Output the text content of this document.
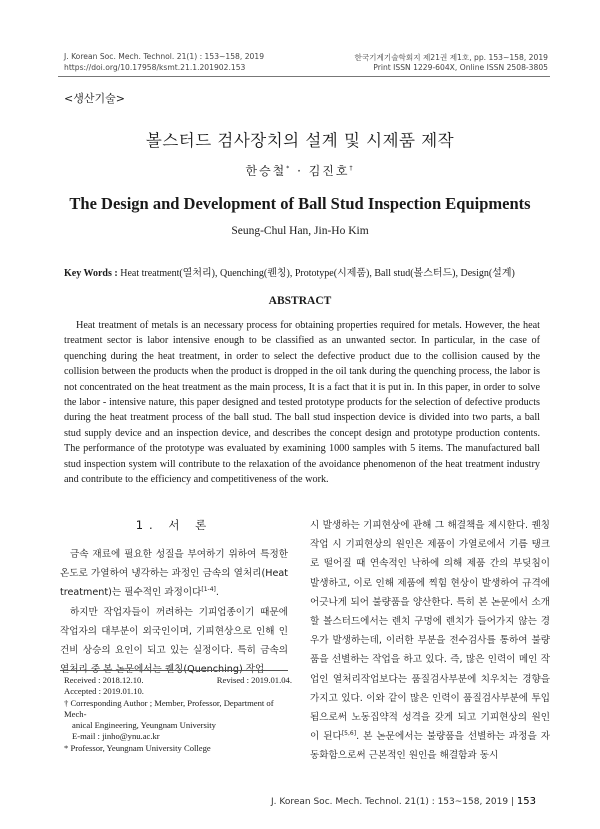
J. Korean Soc. Mech. Technol. 21(1) : 153~158, 2019
https://doi.org/10.17958/ksmt.21.1.201902.153
한국기계기술학회지 제21권 제1호, pp. 153~158, 2019
Print ISSN 1229-604X, Online ISSN 2508-3805
<생산기술>
볼스터드 검사장치의 설계 및 시제품 제작
한승철* · 김진호†
The Design and Development of Ball Stud Inspection Equipments
Seung-Chul Han, Jin-Ho Kim
Key Words : Heat treatment(열처리), Quenching(퀜칭), Prototype(시제품), Ball stud(볼스터드), Design(설계)
ABSTRACT

Heat treatment of metals is an necessary process for obtaining properties required for metals. However, the heat treatment sector is labor intensive enough to be classified as an unwanted sector. In particular, in the case of quenching during the heat treatment, in order to select the defective product due to the collision caused by the collision between the products when the product is dropped in the oil tank during the quenching process, the labor is not concentrated on the heat treatment as the main process, It is a fact that it is put in. In this paper, in order to solve the labor - intensive nature, this paper designed and tested prototype products for the selection of defective products during the heat treatment process of the ball stud. The ball stud inspection device is divided into two parts, a ball stud supply device and an inspection device, and describes the concept design and prototype production contents. The performance of the prototype was evaluated by examining 1000 samples with 5 items. The manufactured ball stud inspection system will contribute to the relaxation of the avoidance phenomenon of the heat treatment industry and contribute to the efficiency and competitiveness of the work.

1. 서 론

금속 재료에 필요한 성질을 부여하기 위하여 특정한 온도로 가열하여 냉각하는 과정인 금속의 열처리(Heat treatment)는 필수적인 과정이다[1-4].

하지만 작업자들이 꺼려하는 기피업종이기 때문에 작업자의 대부분이 외국인이며, 기피현상으로 인해 인건비 상승의 요인이 되고 있는 실정이다. 특히 금속의 열처리 중 본 논문에서는 퀜칭(Quenching) 작업

Received : 2018.12.10.	Revised : 2019.01.04.
Accepted : 2019.01.10.
† Corresponding Author ; Member, Professor, Department of Mech-
anical Engineering, Yeungnam University
E-mail : jinho@ynu.ac.kr
* Professor, Yeungnam University College

시 발생하는 기피현상에 관해 그 해결책을 제시한다. 퀜칭 작업 시 기피현상의 원인은 제품이 가열로에서 기름 탱크로 떨어질 때 연속적인 낙하에 의해 제품 간의 부딪침이 발생하고, 이로 인해 제품에 찍힘 현상이 발생하여 규격에 어긋나게 되어 불량품을 양산한다. 특히 본 논문에서 소개할 볼스터드에서는 렌치 구멍에 렌치가 들어가지 않는 경우가 발생하는데, 이러한 부분을 전수검사를 통하여 불량품을 선별하는 작업을 하고 있다. 즉, 많은 인력이 메인 작업인 열처리작업보다는 품질검사부분에 치우치는 경향을 가지고 있다. 이와 같이 많은 인력이 품질검사부분에 투입됨으로써 노동집약적 성격을 갖게 되고 기피현상의 원인이 된다[5,6]. 본 논문에서는 불량품을 선별하는 과정을 자동화함으로써 근본적인 원인을 해결함과 동시

J. Korean Soc. Mech. Technol. 21(1) : 153~158, 2019 | 153
